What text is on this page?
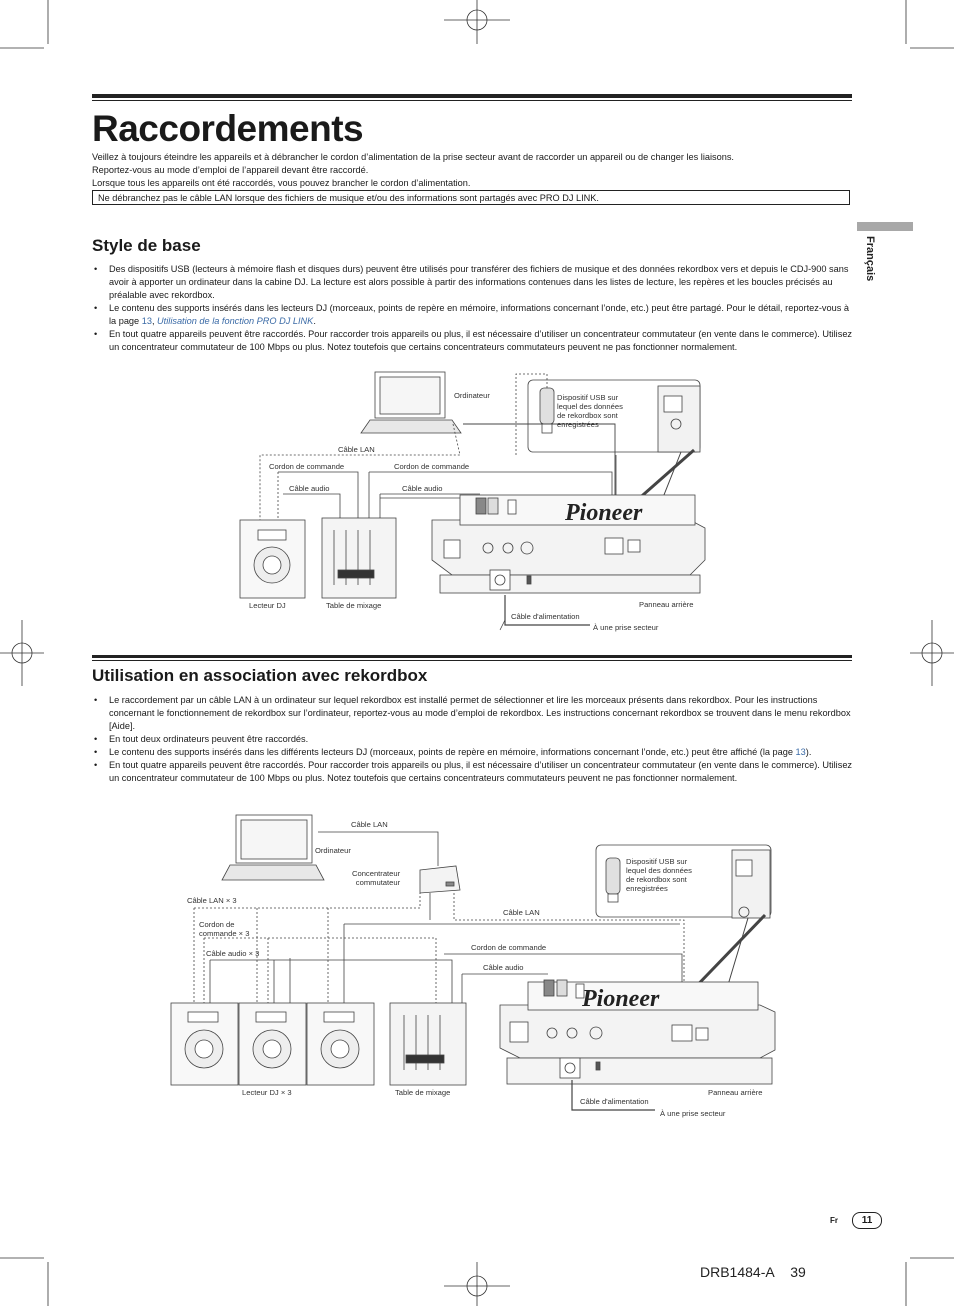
Raccordements
Veillez à toujours éteindre les appareils et à débrancher le cordon d’alimentation de la prise secteur avant de raccorder un appareil ou de changer les liaisons.
Reportez-vous au mode d’emploi de l’appareil devant être raccordé.
Lorsque tous les appareils ont été raccordés, vous pouvez brancher le cordon d’alimentation.
Ne débranchez pas le câble LAN lorsque des fichiers de musique et/ou des informations sont partagés avec PRO DJ LINK.
Français
Style de base
• Des dispositifs USB (lecteurs à mémoire flash et disques durs) peuvent être utilisés pour transférer des fichiers de musique et des données rekordbox vers et depuis le CDJ-900 sans avoir à apporter un ordinateur dans la cabine DJ. La lecture est alors possible à partir des informations contenues dans les listes de lecture, les repères et les boucles précisés au préalable avec rekordbox.
• Le contenu des supports insérés dans les lecteurs DJ (morceaux, points de repère en mémoire, informations concernant l’onde, etc.) peut être partagé. Pour le détail, reportez-vous à la page 13, Utilisation de la fonction PRO DJ LINK.
• En tout quatre appareils peuvent être raccordés. Pour raccorder trois appareils ou plus, il est nécessaire d’utiliser un concentrateur commutateur (en vente dans le commerce). Utilisez un concentrateur commutateur de 100 Mbps ou plus. Notez toutefois que certains concentrateurs commutateurs peuvent ne pas fonctionner normalement.
Pioneer
Ordinateur	Dispositif USB sur
lequel des données
de rekordbox sont
enregistrées
Câble LAN
Cordon de commande	Cordon de commande
Câble audio	Câble audio
Lecteur DJ	Table de mixage	Panneau arrière
Câble d'alimentation
À une prise secteur
Utilisation en association avec rekordbox
• Le raccordement par un câble LAN à un ordinateur sur lequel rekordbox est installé permet de sélectionner et lire les morceaux présents dans rekordbox. Pour les instructions concernant le fonctionnement de rekordbox sur l’ordinateur, reportez-vous au mode d’emploi de rekordbox. Les instructions concernant rekordbox se trouvent dans le menu rekordbox [Aide].
• En tout deux ordinateurs peuvent être raccordés.
• Le contenu des supports insérés dans les différents lecteurs DJ (morceaux, points de repère en mémoire, informations concernant l’onde, etc.) peut être affiché (la page 13).
• En tout quatre appareils peuvent être raccordés. Pour raccorder trois appareils ou plus, il est nécessaire d’utiliser un concentrateur commutateur (en vente dans le commerce). Utilisez un concentrateur commutateur de 100 Mbps ou plus. Notez toutefois que certains concentrateurs commutateurs peuvent ne pas fonctionner normalement.
Pioneer
Câble LAN
Ordinateur
Concentrateur
commutateur
Dispositif USB sur
lequel des données
de rekordbox sont
enregistrées
Câble LAN × 3
Cordon de
commande × 3
Câble audio × 3
Câble LAN
Cordon de commande
Câble audio
Lecteur DJ × 3	Table de mixage	Panneau arrière
Câble d'alimentation
À une prise secteur
Fr	11
DRB1484-A 39
